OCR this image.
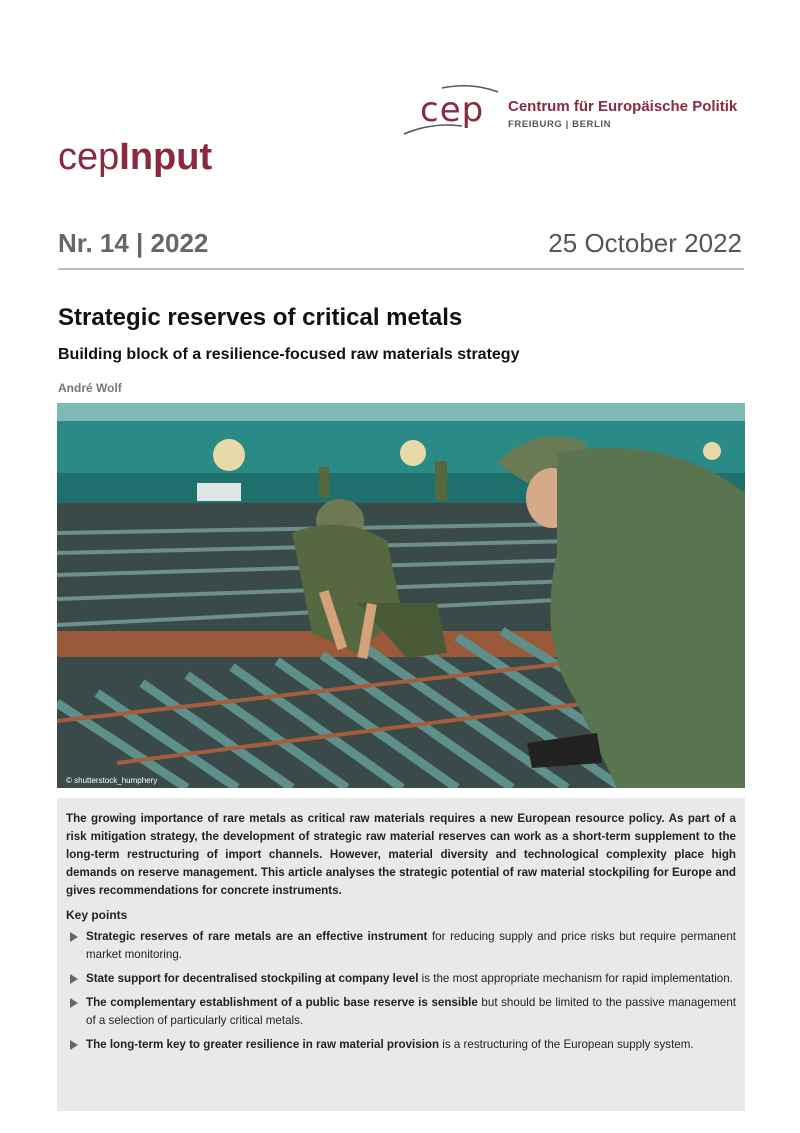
cep Centrum für Europäische Politik
FREIBURG | BERLIN
cepInput
Nr. 14 | 2022	25 October 2022
Strategic reserves of critical metals
Building block of a resilience-focused raw materials strategy
André Wolf
© shutterstock_humphery

The growing importance of rare metals as critical raw materials requires a new European resource policy. As part of a risk mitigation strategy, the development of strategic raw material reserves can work as a short-term supplement to the long-term restructuring of import channels. However, material diversity and technological complexity place high demands on reserve management. This article analyses the strategic potential of raw material stockpiling for Europe and gives recommendations for concrete instruments.

Key points
Strategic reserves of rare metals are an effective instrument for reducing supply and price risks but require permanent market monitoring.
State support for decentralised stockpiling at company level is the most appropriate mechanism for rapid implementation.
The complementary establishment of a public base reserve is sensible but should be limited to the passive management of a selection of particularly critical metals.
The long-term key to greater resilience in raw material provision is a restructuring of the European supply system.
